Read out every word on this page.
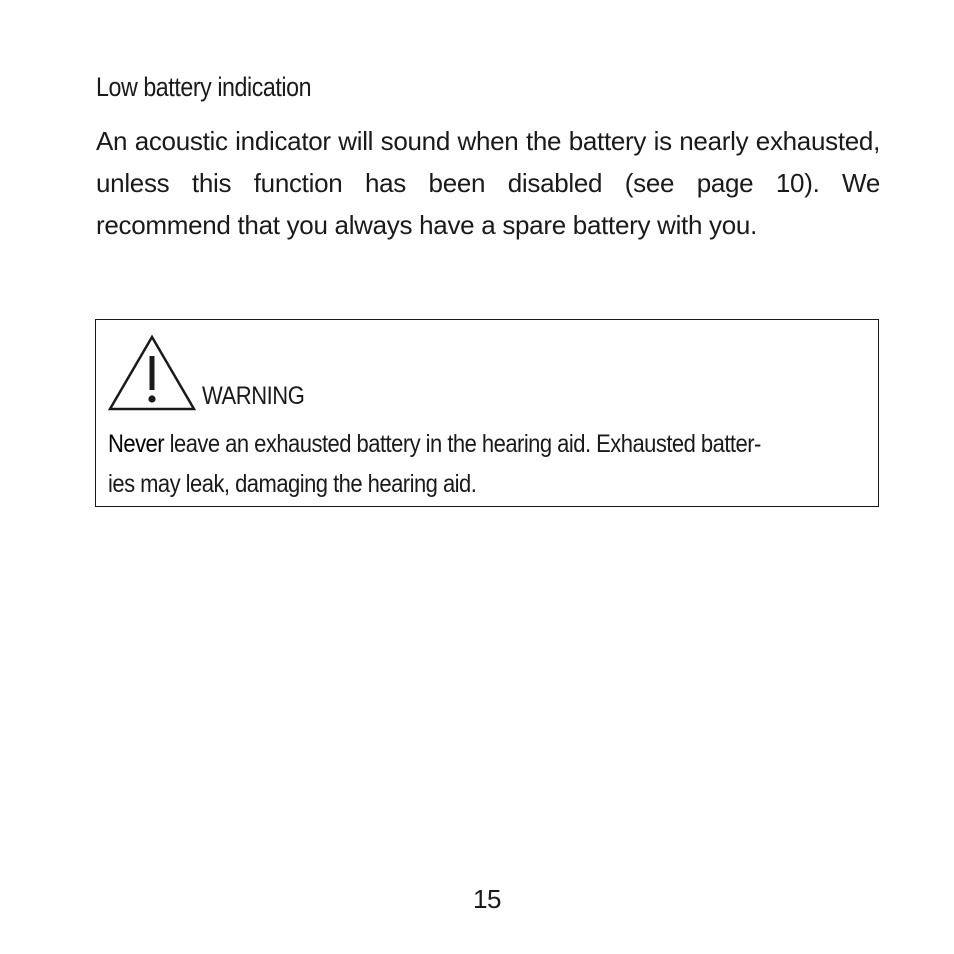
Low battery indication

An acoustic indicator will sound when the battery is nearly exhausted, unless this function has been disabled (see page 10). We recommend that you always have a spare battery with you.

WARNING

Never leave an exhausted battery in the hearing aid. Exhausted batter-
ies may leak, damaging the hearing aid.

15
